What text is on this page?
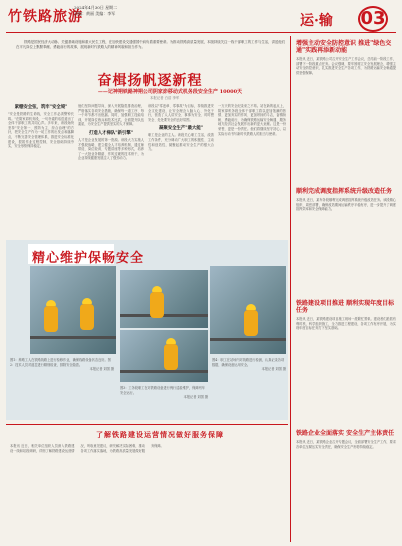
竹铁路旅游
2024年4月30日 星期二
责编：黄丽 美编：李军	运·输 03
铁路是国民经济大动脉、关键基础设施和重大民生工程，在加快建设交通强国中肩负着重要使命。为推动铁路高质量发展，本版持续关注一线干部职工的工作与生活，讲述他们在平凡岗位上默默奉献、勇毅前行的故事，展现新时代铁路人的精神风貌和担当作为。
奋楫扬帆逐新程
——记神朔铁路神朔公司阴家峁移动式机务段安全生产 10000天
本报记者 白浩 李军
紧绷安全弦，筑牢"安全堤"
"安全是铁路的生命线，安全工作必须警钟长鸣。"在阴家峁机务段，一句朴素的话语道出了全体干部职工的共同心声。多年来，该段始终坚持"安全第一、预防为主、综合治理"的方针，把安全生产作为一切工作的出发点和落脚点，不断完善安全管理体系，推进安全标准化建设，狠抓作业过程控制，安全基础持续夯实，安全形势保持稳定。
他们坚持问题导向，深入开展隐患排查治理，严格落实各项安全措施，确保每一道工序、每一个环节都不出纰漏。同时，加强职工技能培训，开展岗位练兵和技术比武，全面提升队伍素质，为安全生产提供坚实的人才保障。
打造人才梯队"新引擎"
人才是企业发展的第一资源。该段大力实施人才强段战略，建立健全人才培养机制，通过师带徒、岗位轮训、专题讲座等多种形式，培养了一大批业务精湛、作风过硬的技术骨干，为企业持续健康发展注入了强劲动力。
该段以"零违章、零事故"为目标，持续推进安全文化建设，让安全理念入脑入心、外化于行，营造了人人讲安全、事事为安全、时时想安全、处处要安全的良好氛围。
凝聚安全生产"最大能"
职工是企业的主人。该段关心职工生活，改善工作条件，充分调动广大职工的积极性、主动性和创造性，凝聚起推动安全生产的强大合力。
一万天的安全纪录来之不易。站在新的起点上，阴家峁机务段全体干部职工将以更加饱满的热情、更加务实的作风、更加昂扬的斗志，奋楫扬帆、勇毅前行，为确保铁路运输安全畅通、服务地方经济社会发展作出新的更大贡献。这是一份荣誉，更是一份责任。他们将继续坚守初心，以实际行动书写新时代铁路人的担当与使命。
精心维护保畅安全
图1：养路工人在铁路线路上进行检修作业，确保线路设备状态良好。图2：技术人员对道岔进行精细检查，排除安全隐患。
本报记者 刘国 摄
图3：工务段职工在对铁路设备进行例行巡检维护，保障列车安全运行。
本报记者 刘国 摄
图4：职工在站场内对线路进行检测，认真记录各项数据，确保设备运用安全。
本报记者 刘国 摄
了解铁路建设运营情况做好服务保障
本报讯 近日，相关单位组织人员深入铁路建设一线和站段调研，详细了解铁路建设运营情况，听取意见建议，研究解决实际困难，推动各项工作落实落地，为铁路高质量发展做好服务保障。
增强主动安全防控意识 推进"绿色交通"实践再添新动能
本报讯 近日，某铁路公司召开安全生产工作会议，总结前一阶段工作，部署下一阶段重点任务。会议强调，要牢固树立安全发展理念，增强主动安全防控意识，扎实推进安全生产各项工作，为铁路运输安全畅通提供坚强保障。
顺利完成调度指挥系统升级改造任务
本报讯 近日，某车务段顺利完成调度指挥系统升级改造任务。该段精心组织、周密部署，确保改造期间运输秩序平稳有序，进一步提升了调度指挥效率和安全保障能力。
铁路建设项目推进 顺利实现年度目标任务
本报讯 近日，某铁路建设项目施工现场一派繁忙景象。建设者们抢抓有利时机，科学组织施工，全力推进工程建设，各项工作有序开展，为实现年度目标任务打下坚实基础。
铁路企业全面落实 安全生产主体责任
本报讯 近日，某铁路企业召开专题会议，全面部署安全生产工作，要求各单位压紧压实安全责任，确保安全生产形势持续稳定。
